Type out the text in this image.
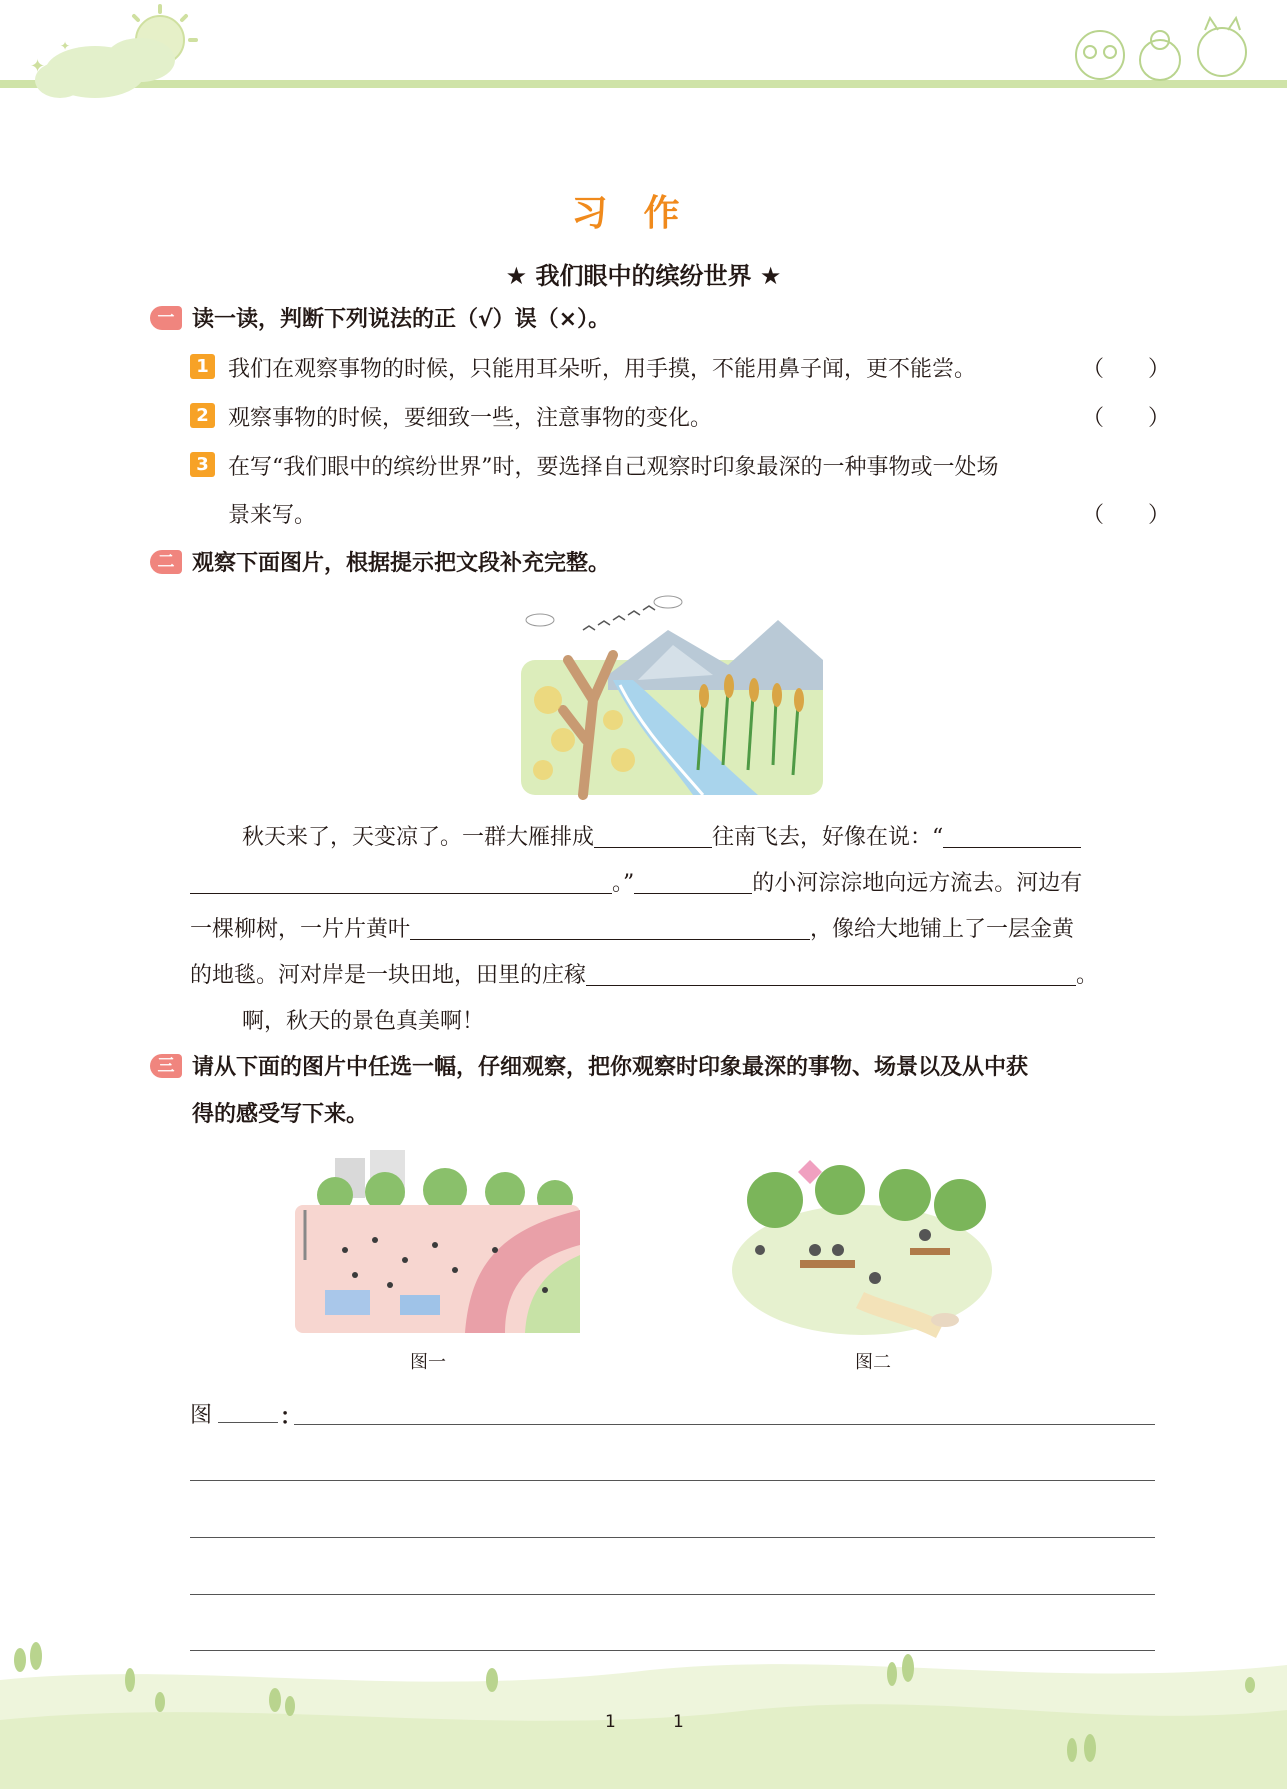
✦
✦
习作
★ 我们眼中的缤纷世界 ★
一 读一读，判断下列说法的正（√）误（×）。
1 我们在观察事物的时候，只能用耳朵听，用手摸，不能用鼻子闻，更不能尝。	（　　）
2 观察事物的时候，要细致一些，注意事物的变化。	（　　）
3 在写“我们眼中的缤纷世界”时，要选择自己观察时印象最深的一种事物或一处场
景来写。	（　　）
二 观察下面图片，根据提示把文段补充完整。
秋天来了，天变凉了。一群大雁排成	往南飞去，好像在说：“
。”	的小河淙淙地向远方流去。河边有
一棵柳树，一片片黄叶	，像给大地铺上了一层金黄
的地毯。河对岸是一块田地，田里的庄稼	。
啊，秋天的景色真美啊！
三 请从下面的图片中任选一幅，仔细观察，把你观察时印象最深的事物、场景以及从中获
得的感受写下来。
图一	图二
图	：
1	1
